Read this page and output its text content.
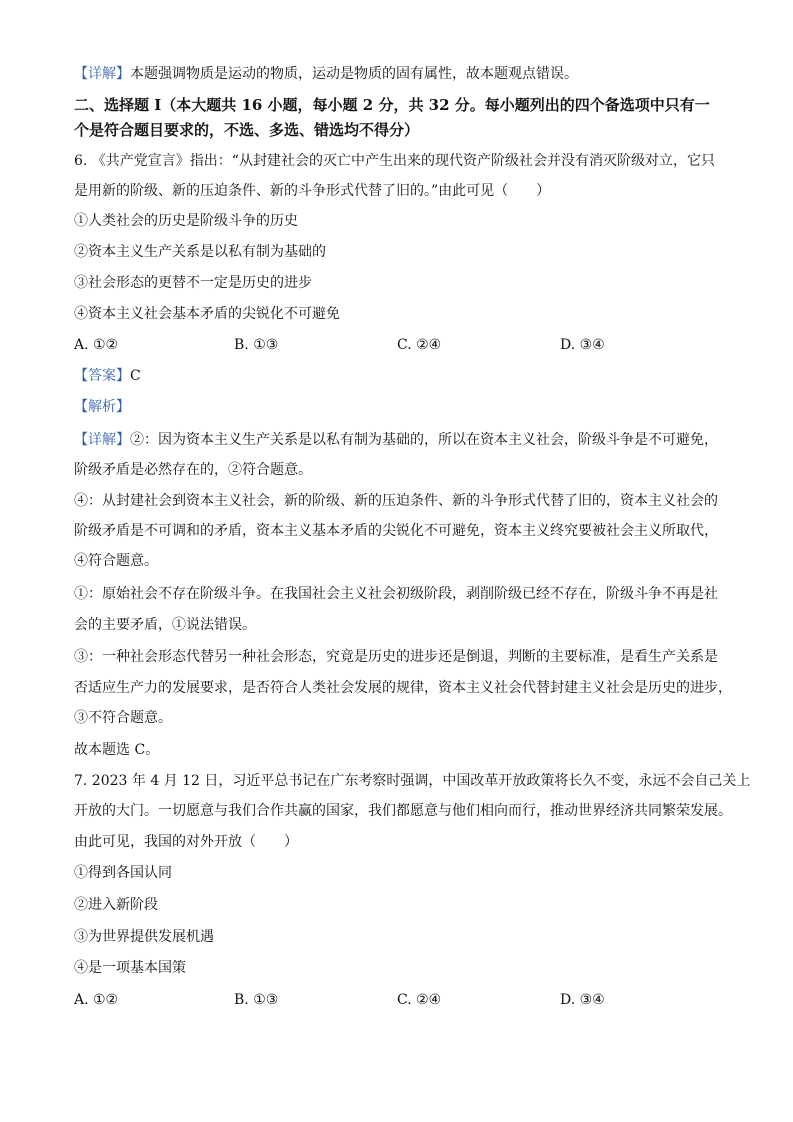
【详解】本题强调物质是运动的物质，运动是物质的固有属性，故本题观点错误。
二、选择题 I（本大题共 16 小题，每小题 2 分，共 32 分。每小题列出的四个备选项中只有一
个是符合题目要求的，不选、多选、错选均不得分）
6. 《共产党宣言》指出：“从封建社会的灭亡中产生出来的现代资产阶级社会并没有消灭阶级对立，它只
是用新的阶级、新的压迫条件、新的斗争形式代替了旧的。”由此可见（　　）
①人类社会的历史是阶级斗争的历史
②资本主义生产关系是以私有制为基础的
③社会形态的更替不一定是历史的进步
④资本主义社会基本矛盾的尖锐化不可避免
A. ①②	B. ①③	C. ②④	D. ③④
【答案】C
【解析】
【详解】②：因为资本主义生产关系是以私有制为基础的，所以在资本主义社会，阶级斗争是不可避免，
阶级矛盾是必然存在的，②符合题意。
④：从封建社会到资本主义社会，新的阶级、新的压迫条件、新的斗争形式代替了旧的，资本主义社会的
阶级矛盾是不可调和的矛盾，资本主义基本矛盾的尖锐化不可避免，资本主义终究要被社会主义所取代，
④符合题意。
①：原始社会不存在阶级斗争。在我国社会主义社会初级阶段，剥削阶级已经不存在，阶级斗争不再是社
会的主要矛盾，①说法错误。
③：一种社会形态代替另一种社会形态，究竟是历史的进步还是倒退，判断的主要标准，是看生产关系是
否适应生产力的发展要求，是否符合人类社会发展的规律，资本主义社会代替封建主义社会是历史的进步，
③不符合题意。
故本题选 C。
7. 2023 年 4 月 12 日，习近平总书记在广东考察时强调，中国改革开放政策将长久不变，永远不会自己关上
开放的大门。一切愿意与我们合作共赢的国家，我们都愿意与他们相向而行，推动世界经济共同繁荣发展。
由此可见，我国的对外开放（　　）
①得到各国认同
②进入新阶段
③为世界提供发展机遇
④是一项基本国策
A. ①②	B. ①③	C. ②④	D. ③④
